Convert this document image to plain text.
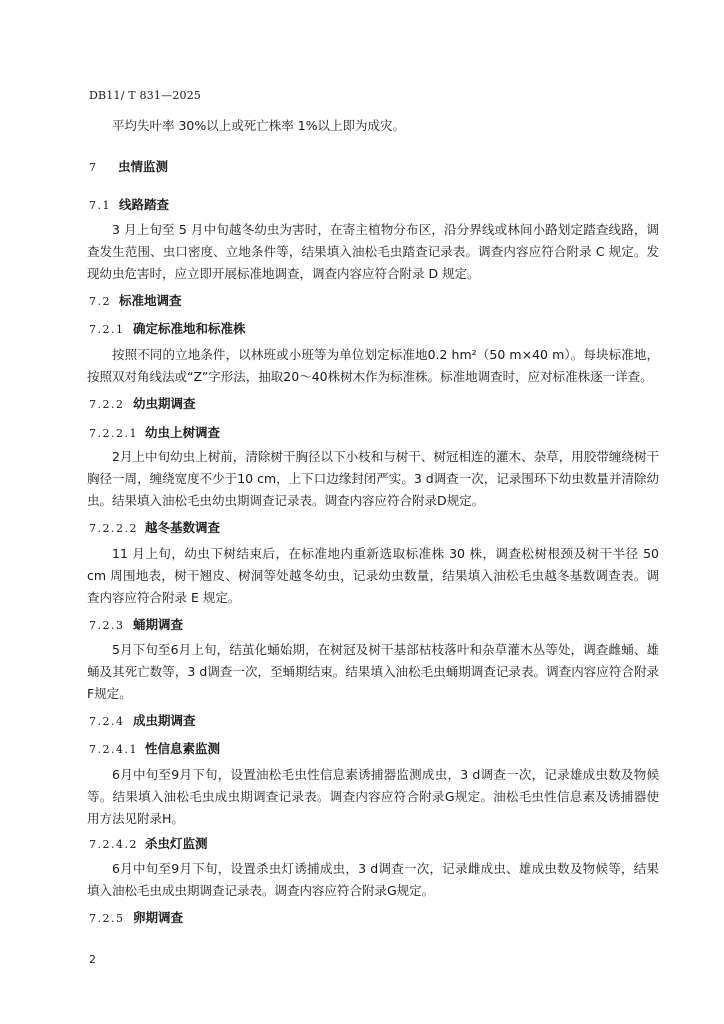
DB11/ T 831—2025

平均失叶率 30%以上或死亡株率 1%以上即为成灾。

7 虫情监测
7.1 线路踏查

3 月上旬至 5 月中旬越冬幼虫为害时，在寄主植物分布区，沿分界线或林间小路划定踏查线路，调查发生范围、虫口密度、立地条件等，结果填入油松毛虫踏查记录表。调查内容应符合附录 C 规定。发现幼虫危害时，应立即开展标准地调查，调查内容应符合附录 D 规定。

7.2 标准地调查
7.2.1 确定标准地和标准株

按照不同的立地条件，以林班或小班等为单位划定标准地0.2 hm²（50 m×40 m）。每块标准地，按照双对角线法或“Z”字形法，抽取20～40株树木作为标准株。标准地调查时，应对标准株逐一详查。

7.2.2 幼虫期调查
7.2.2.1 幼虫上树调查

2月上中旬幼虫上树前，清除树干胸径以下小枝和与树干、树冠相连的灌木、杂草，用胶带缠绕树干胸径一周，缠绕宽度不少于10 cm，上下口边缘封闭严实。3 d调查一次，记录围环下幼虫数量并清除幼虫。结果填入油松毛虫幼虫期调查记录表。调查内容应符合附录D规定。

7.2.2.2 越冬基数调查

11 月上旬，幼虫下树结束后，在标准地内重新选取标准株 30 株，调查松树根颈及树干半径 50 cm 周围地表，树干翘皮、树洞等处越冬幼虫，记录幼虫数量，结果填入油松毛虫越冬基数调查表。调查内容应符合附录 E 规定。

7.2.3 蛹期调查

5月下旬至6月上旬，结茧化蛹始期，在树冠及树干基部枯枝落叶和杂草灌木丛等处，调查雌蛹、雄蛹及其死亡数等，3 d调查一次，至蛹期结束。结果填入油松毛虫蛹期调查记录表。调查内容应符合附录F规定。

7.2.4 成虫期调查
7.2.4.1 性信息素监测

6月中旬至9月下旬，设置油松毛虫性信息素诱捕器监测成虫，3 d调查一次，记录雄成虫数及物候等。结果填入油松毛虫成虫期调查记录表。调查内容应符合附录G规定。油松毛虫性信息素及诱捕器使用方法见附录H。

7.2.4.2 杀虫灯监测

6月中旬至9月下旬，设置杀虫灯诱捕成虫，3 d调查一次，记录雌成虫、雄成虫数及物候等，结果填入油松毛虫成虫期调查记录表。调查内容应符合附录G规定。

7.2.5 卵期调查
2
